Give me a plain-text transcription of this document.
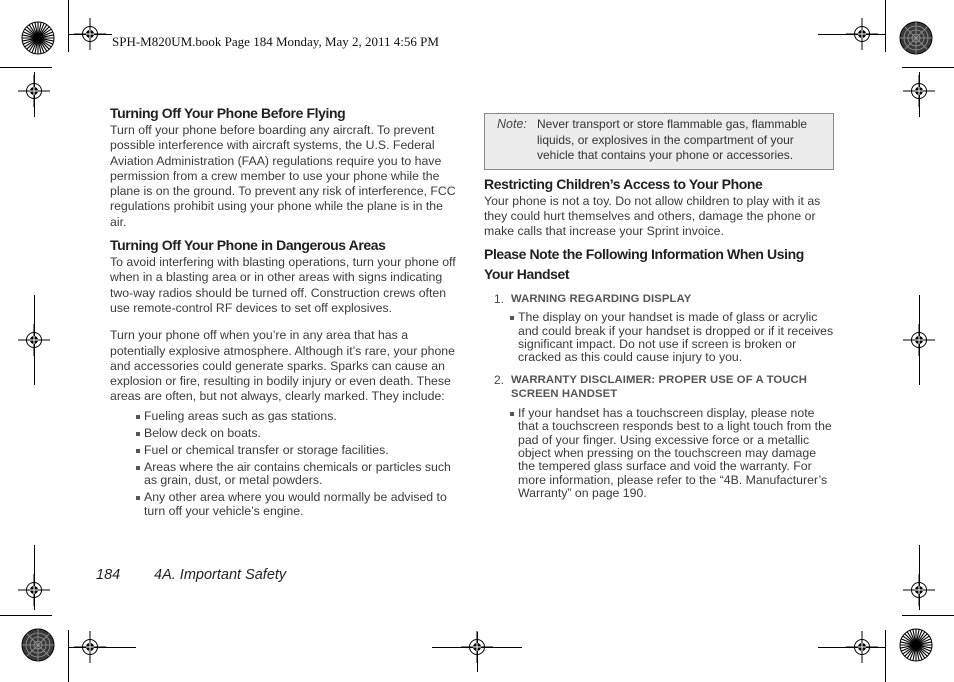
SPH-M820UM.book Page 184 Monday, May 2, 2011 4:56 PM
Turning Off Your Phone Before Flying

Turn off your phone before boarding any aircraft. To prevent possible interference with aircraft systems, the U.S. Federal Aviation Administration (FAA) regulations require you to have permission from a crew member to use your phone while the plane is on the ground. To prevent any risk of interference, FCC regulations prohibit using your phone while the plane is in the air.

Turning Off Your Phone in Dangerous Areas

To avoid interfering with blasting operations, turn your phone off when in a blasting area or in other areas with signs indicating two-way radios should be turned off. Construction crews often use remote-control RF devices to set off explosives.

Turn your phone off when you’re in any area that has a potentially explosive atmosphere. Although it’s rare, your phone and accessories could generate sparks. Sparks can cause an explosion or fire, resulting in bodily injury or even death. These areas are often, but not always, clearly marked. They include:

Fueling areas such as gas stations.
Below deck on boats.
Fuel or chemical transfer or storage facilities.
Areas where the air contains chemicals or particles such as grain, dust, or metal powders.
Any other area where you would normally be advised to turn off your vehicle’s engine.
Note: Never transport or store flammable gas, flammable liquids, or explosives in the compartment of your vehicle that contains your phone or accessories.
Restricting Children’s Access to Your Phone

Your phone is not a toy. Do not allow children to play with it as they could hurt themselves and others, damage the phone or make calls that increase your Sprint invoice.

Please Note the Following Information When Using Your Handset
1. WARNING REGARDING DISPLAY
The display on your handset is made of glass or acrylic and could break if your handset is dropped or if it receives significant impact. Do not use if screen is broken or cracked as this could cause injury to you.
2. WARRANTY DISCLAIMER: PROPER USE OF A TOUCH SCREEN HANDSET
If your handset has a touchscreen display, please note that a touchscreen responds best to a light touch from the pad of your finger. Using excessive force or a metallic object when pressing on the touchscreen may damage the tempered glass surface and void the warranty. For more information, please refer to the “4B. Manufacturer’s Warranty” on page 190.
184 4A. Important Safety
